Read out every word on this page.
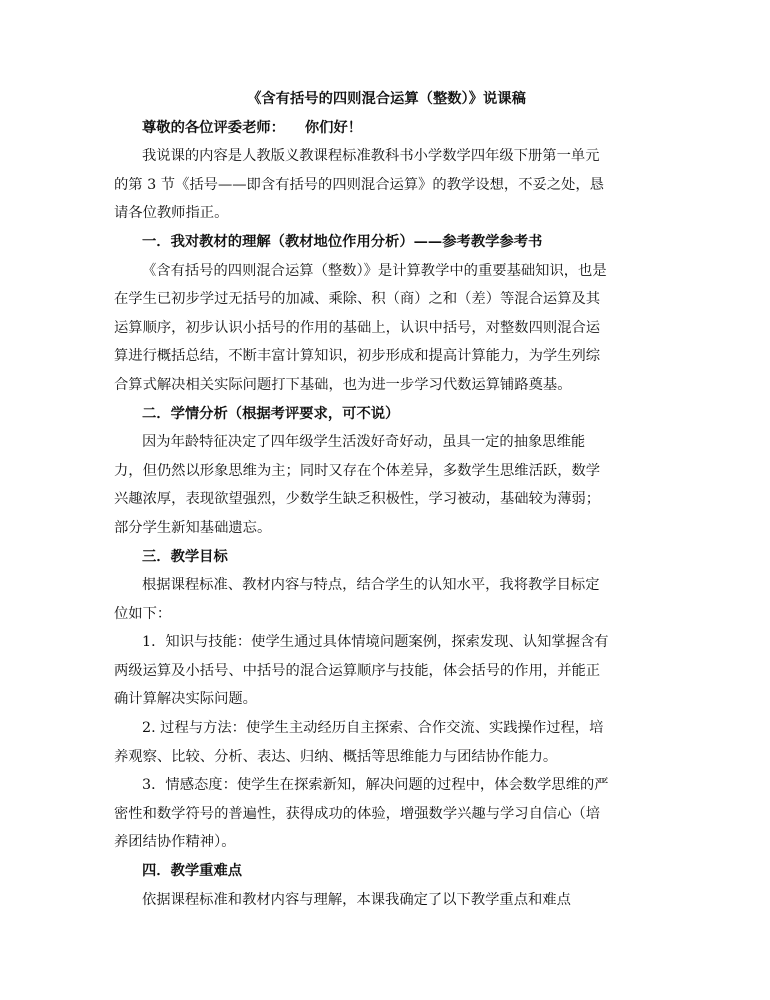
《含有括号的四则混合运算（整数）》说课稿

尊敬的各位评委老师：    你们好！

我说课的内容是人教版义教课程标准教科书小学数学四年级下册第一单元

的第 3 节《括号——即含有括号的四则混合运算》的教学设想，不妥之处，恳

请各位教师指正。

一．我对教材的理解（教材地位作用分析）——参考教学参考书

《含有括号的四则混合运算（整数）》是计算教学中的重要基础知识，也是

在学生已初步学过无括号的加减、乘除、积（商）之和（差）等混合运算及其

运算顺序，初步认识小括号的作用的基础上，认识中括号，对整数四则混合运

算进行概括总结，不断丰富计算知识，初步形成和提高计算能力，为学生列综

合算式解决相关实际问题打下基础，也为进一步学习代数运算铺路奠基。

二．学情分析（根据考评要求，可不说）

因为年龄特征决定了四年级学生活泼好奇好动，虽具一定的抽象思维能

力，但仍然以形象思维为主；同时又存在个体差异，多数学生思维活跃，数学

兴趣浓厚，表现欲望强烈，少数学生缺乏积极性，学习被动，基础较为薄弱；

部分学生新知基础遗忘。

三．教学目标

根据课程标准、教材内容与特点，结合学生的认知水平，我将教学目标定

位如下：

1．知识与技能：使学生通过具体情境问题案例，探索发现、认知掌握含有

两级运算及小括号、中括号的混合运算顺序与技能，体会括号的作用，并能正

确计算解决实际问题。

2. 过程与方法：使学生主动经历自主探索、合作交流、实践操作过程，培

养观察、比较、分析、表达、归纳、概括等思维能力与团结协作能力。

3．情感态度：使学生在探索新知，解决问题的过程中，体会数学思维的严

密性和数学符号的普遍性，获得成功的体验，增强数学兴趣与学习自信心（培

养团结协作精神）。

四．教学重难点

依据课程标准和教材内容与理解，本课我确定了以下教学重点和难点
